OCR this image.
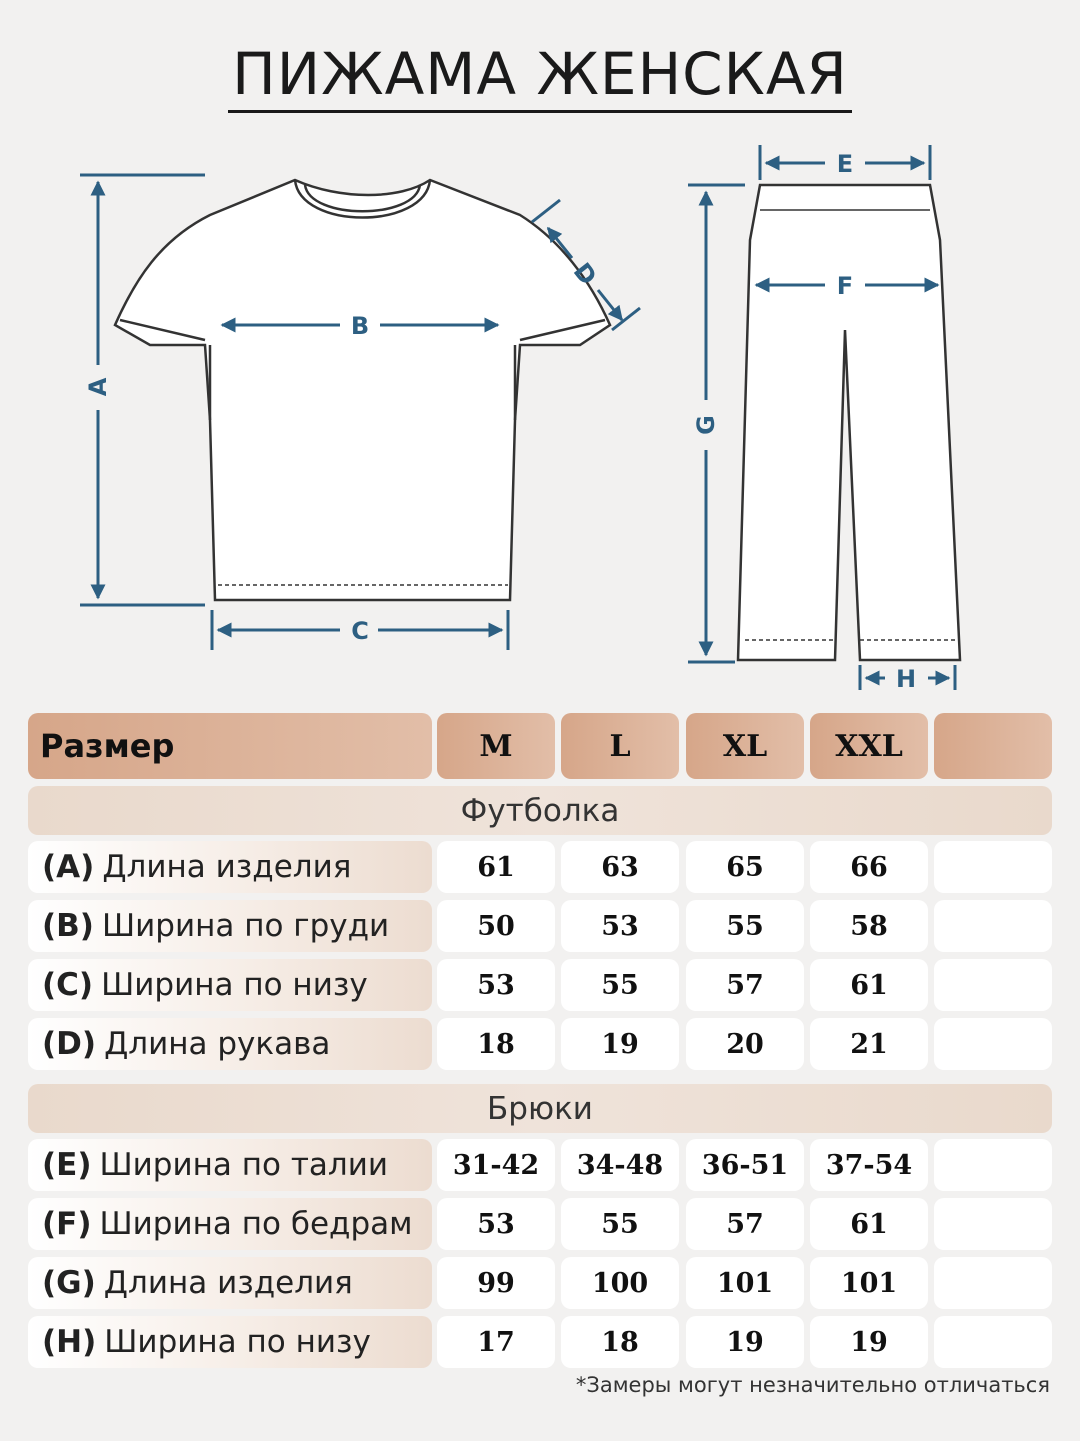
ПИЖАМА ЖЕНСКАЯ
A
B
C
D
E
F
G
H
Размер	M	L	XL	XXL
Футболка
(A) Длина изделия	61	63	65	66
(B) Ширина по груди	50	53	55	58
(C) Ширина по низу	53	55	57	61
(D) Длина рукава	18	19	20	21
Брюки
(E) Ширина по талии	31-42	34-48	36-51	37-54
(F) Ширина по бедрам	53	55	57	61
(G) Длина изделия	99	100	101	101
(H) Ширина по низу	17	18	19	19
*Замеры могут незначительно отличаться
